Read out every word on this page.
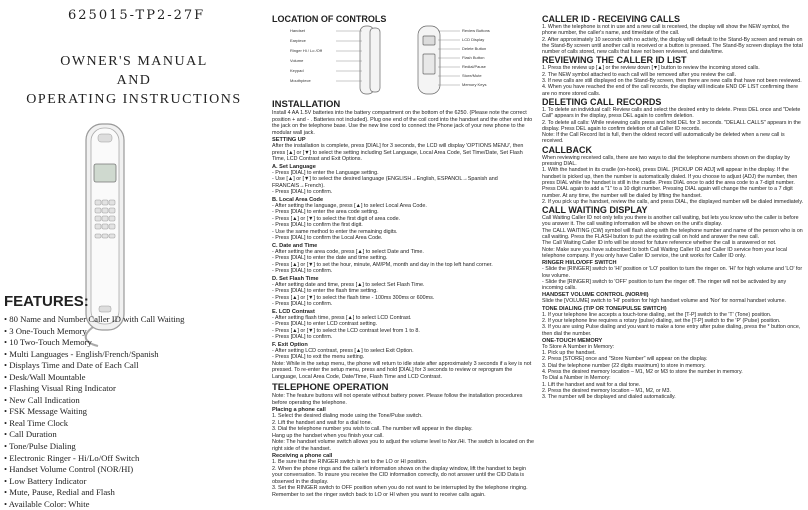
625015-TP2-27F
OWNER'S MANUAL
AND
OPERATING INSTRUCTIONS
FEATURES:
• 80 Name and Number Caller ID with Call Waiting
• 3 One-Touch Memory
• 10 Two-Touch Memory
• Multi Languages - English/French/Spanish
• Displays Time and Date of Each Call
• Desk/Wall Mountable
• Flashing Visual Ring Indicator
• New Call Indication
• FSK Message Waiting
• Real Time Clock
• Call Duration
• Tone/Pulse Dialing
• Electronic Ringer - Hi/Lo/Off Switch
• Handset Volume Control (NOR/HI)
• Low Battery Indicator
• Mute, Pause, Redial and Flash
• Available Color: White
LOCATION OF CONTROLS
Handset
Earpiece
Ringer Hi / Lo /Off
Volume
Keypad
Mouthpiece
Review Buttons
LCD Display
Delete Button
Flash Button
Redial/Pause
Store/Mute
Memory Keys
INSTALLATION

Install 4 AA 1.5V batteries into the battery compartment on the bottom of the 6250. (Please note the correct position + and - . Batteries not included). Plug one end of the coil cord into the handset and the other end into the jack on the telephone base. Use the new line cord to connect the Phone jack of your new phone to the modular wall jack.

SETTING UP

After the installation is complete, press [DIAL] for 3 seconds, the LCD will display 'OPTIONS MENU', then press [▲] or [▼] to select the setting including Set Language, Local Area Code, Set Time/Date, Set Flash Time, LCD Contrast and Exit Options.

A. Set Language

- Press [DIAL] to enter the Language setting.

- Use [▲] or [▼] to select the desired language (ENGLISH→English, ESPANOL→Spanish and FRANCAIS→French).

- Press [DIAL] to confirm.

B. Local Area Code

- After setting the language, press [▲] to select Local Area Code.

- Press [DIAL] to enter the area code setting.

- Press [▲] or [▼] to select the first digit of area code.

- Press [DIAL] to confirm the first digit.

- Use the same method to enter the remaining digits.

- Press [DIAL] to confirm the Local Area Code.

C. Date and Time

- After setting the area code, press [▲] to select Date and Time.

- Press [DIAL] to enter the date and time setting.

- Press [▲] or [▼] to set the hour, minute, AM/PM, month and day in the top left hand corner.

- Press [DIAL] to confirm.

D. Set Flash Time

- After setting date and time, press [▲] to select Set Flash Time.

- Press [DIAL] to enter the flash time setting.

- Press [▲] or [▼] to select the flash time - 100ms 300ms or 600ms.

- Press [DIAL] to confirm.

E. LCD Contrast

- After setting flash time, press [▲] to select LCD Contrast.

- Press [DIAL] to enter LCD contrast setting.

- Press [▲] or [▼] to select the LCD contrast level from 1 to 8.

- Press [DIAL] to confirm.

F. Exit Option

- After setting LCD contrast, press [▲] to select Exit Option.

- Press [DIAL] to exit the menu setting.

Note: While in the setup menu, the phone will return to idle state after approximately 3 seconds if a key is not pressed. To re-enter the setup menu, press and hold [DIAL] for 3 seconds to review or reprogram the Language, Local Area Code, Date/Time, Flash Time and LCD Contrast.

TELEPHONE OPERATION

Note: The feature buttons will not operate without battery power. Please follow the installation procedures before operating the telephone.

Placing a phone call

1. Select the desired dialing mode using the Tone/Pulse switch.

2. Lift the handset and wait for a dial tone.

3. Dial the telephone number you wish to call. The number will appear in the display.

Hang up the handset when you finish your call.

Note: The handset volume switch allows you to adjust the volume level to Nor./Hi. The switch is located on the right side of the handset.

Receiving a phone call

1. Be sure that the RINGER switch is set to the LO or HI position.

2. When the phone rings and the caller's information shows on the display window, lift the handset to begin your conversation. To insure you receive the CID information correctly, do not answer until the CID Data is observed in the display.

3. Set the RINGER switch to OFF position when you do not want to be interrupted by the telephone ringing. Remember to set the ringer switch back to LO or HI when you want to receive calls again.

CALLER ID - RECEIVING CALLS

1. When the telephone is not in use and a new call is received, the display will show the NEW symbol, the phone number, the caller's name, and time/date of the call.

2. After approximately 10 seconds with no activity, the display will default to the Stand-By screen and remain on the Stand-By screen until another call is received or a button is pressed. The Stand-By screen displays the total number of calls stored, new calls that have not been reviewed, and date/time.

REVIEWING THE CALLER ID LIST

1. Press the review up [▲] or the review down [▼] button to review the incoming stored calls.

2. The NEW symbol attached to each call will be removed after you review the call.

3. If new calls are still displayed on the Stand-By screen, then there are new calls that have not been reviewed.

4. When you have reached the end of the call records, the display will indicate END OF LIST confirming there are no more stored calls.

DELETING CALL RECORDS

1. To delete an individual call: Review calls and select the desired entry to delete. Press DEL once and "Delete Call" appears in the display, press DEL again to confirm deletion.

2. To delete all calls: While reviewing calls press and hold DEL for 3 seconds. "DELALL CALLS" appears in the display. Press DEL again to confirm deletion of all Caller ID records.

Note: If the Call Record list is full, then the oldest record will automatically be deleted when a new call is received.

CALLBACK

When reviewing received calls, there are two ways to dial the telephone numbers shown on the display by pressing DIAL.

1. With the handset in its cradle (on-hook), press DIAL. [PICKUP OR ADJ] will appear in the display. If the handset is picked up, then the number is automatically dialed. If you choose to adjust (ADJ) the number, then press DIAL while the handset is still in the cradle. Press DIAL once to add the area code to a 7-digit number. Press DIAL again to add a "1" to a 10 digit number. Pressing DIAL again will change the number to a 7 digit number. At any time, the number will be dialed by lifting the handset.

2. If you pick up the handset, review the calls, and press DIAL, the displayed number will be dialed immediately.

CALL WAITING DISPLAY

Call Waiting Caller ID not only tells you there is another call waiting, but lets you know who the caller is before you answer it. The call waiting information will be shown on the unit's display.

The CALL WAITING (CW) symbol will flash along with the telephone number and name of the person who is on call waiting. Press the FLASH button to put the existing call on hold and answer the new call.

The Call Waiting Caller ID info will be stored for future reference whether the call is answered or not.

Note: Make sure you have subscribed to both Call Waiting Caller ID and Caller ID service from your local telephone company. If you only have Caller ID service, the unit works for Caller ID only.

RINGER HI/LO/OFF SWITCH

- Slide the [RINGER] switch to 'HI' position or 'LO' position to turn the ringer on. 'HI' for high volume and 'LO' for low volume.

- Slide the [RINGER] switch to 'OFF' position to turn the ringer off. The ringer will not be activated by any incoming calls.

HANDSET VOLUME CONTROL (NOR/HI)

Slide the [VOLUME] switch to 'HI' position for high handset volume and 'Nor' for normal handset volume.

TONE DIALING (T/P OR TONE/PULSE SWITCH)

1. If your telephone line accepts a touch-tone dialing, set the [T-P] switch to the 'T' (Tone) position.

2. If your telephone line requires a rotary (pulse) dialing, set the [T-P] switch to the 'P' (Pulse) position.

3. If you are using Pulse dialing and you want to make a tone entry after pulse dialing, press the * button once, then dial the number.

ONE-TOUCH MEMORY

To Store A Number in Memory:

1. Pick up the handset.

2. Press [STORE] once and "Store Number" will appear on the display.

3. Dial the telephone number (22 digits maximum) to store in memory.

4. Press the desired memory location – M1, M2 or M3 to store the number in memory.

To Dial a Number in Memory:

1. Lift the handset and wait for a dial tone.

2. Press the desired memory location – M1, M2, or M3.

3. The number will be displayed and dialed automatically.
